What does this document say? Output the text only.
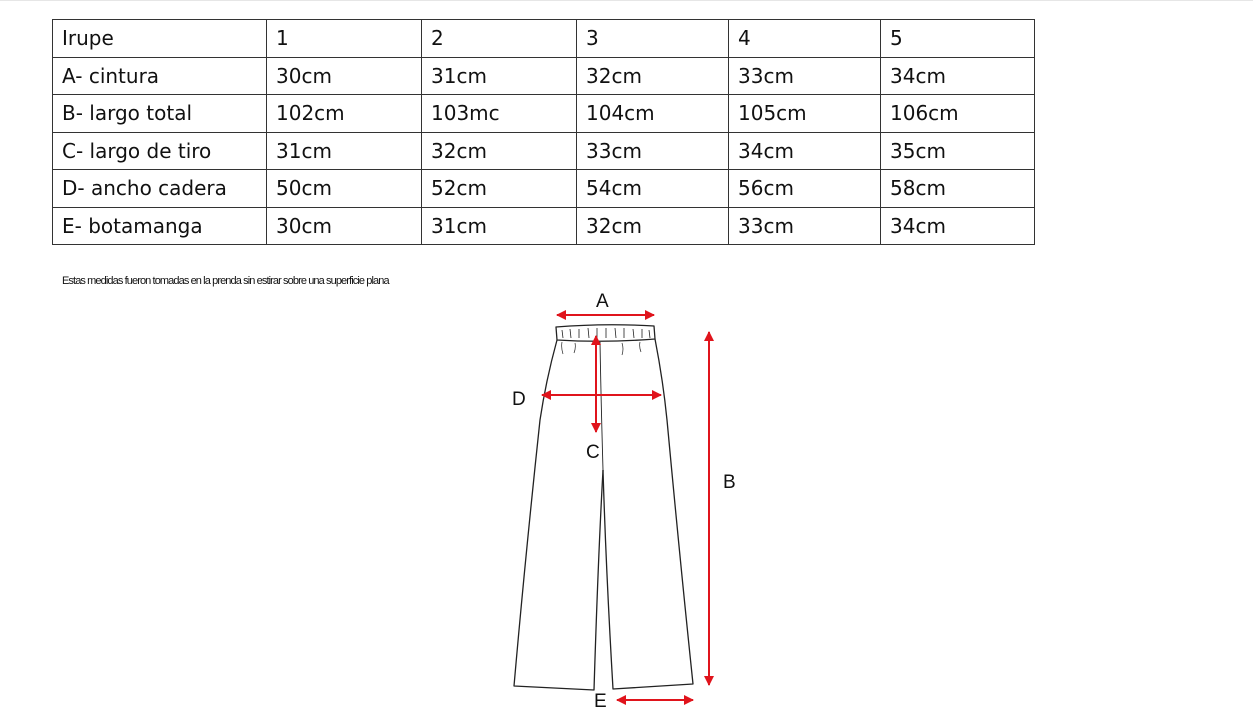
Irupe	1	2	3	4	5
A- cintura	30cm	31cm	32cm	33cm	34cm
B- largo total	102cm	103mc	104cm	105cm	106cm
C- largo de tiro	31cm	32cm	33cm	34cm	35cm
D- ancho cadera	50cm	52cm	54cm	56cm	58cm
E- botamanga	30cm	31cm	32cm	33cm	34cm
Estas medidas fueron tomadas en la prenda sin estirar sobre una superficie plana
A
B
C
D
E
